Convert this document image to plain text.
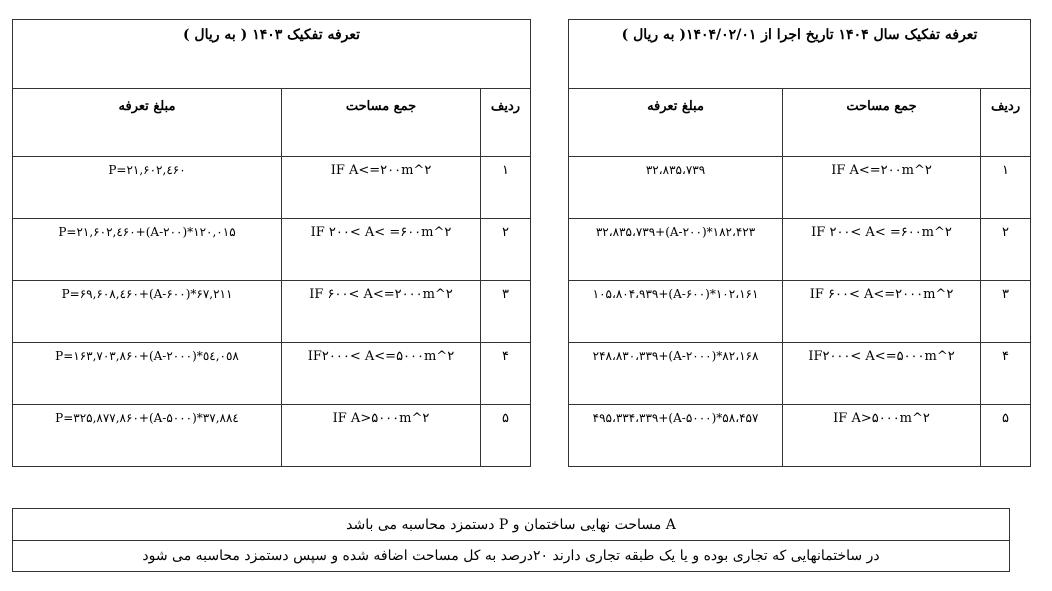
تعرفه تفکیک سال ۱۴۰۴ تاریخ اجرا از ۱۴۰۴/۰۲/۰۱( به ریال )		
ردیف	جمع مساحت	مبلغ تعرفه
۱	IF A<=۲۰۰m^۲	۳۲،۸۳۵،۷۳۹
۲	IF ۲۰۰< A< =۶۰۰m^۲	۳۲،۸۳۵،۷۳۹+(A-۲۰۰)*۱۸۲،۴۲۳
۳	IF ۶۰۰< A<=۲۰۰۰m^۲	۱۰۵،۸۰۴،۹۳۹+(A-۶۰۰)*۱۰۲،۱۶۱
۴	IF۲۰۰۰< A<=۵۰۰۰m^۲	۲۴۸،۸۳۰،۳۳۹+(A-۲۰۰۰)*۸۲،۱۶۸
۵	IF A>۵۰۰۰m^۲	۴۹۵،۳۳۴،۳۳۹+(A-۵۰۰۰)*۵۸،۴۵۷
تعرفه تفکیک ۱۴۰۳ ( به ریال )		
ردیف	جمع مساحت	مبلغ تعرفه
۱	IF A<=۲۰۰m^۲	P=۲۱,۶۰۲,٤۶۰
۲	IF ۲۰۰< A< =۶۰۰m^۲	P=۲۱,۶۰۲,٤۶۰+(A-۲۰۰)*۱۲۰,۰۱۵
۳	IF ۶۰۰< A<=۲۰۰۰m^۲	P=۶۹,۶۰۸,٤۶۰+(A-۶۰۰)*۶۷,۲۱۱
۴	IF۲۰۰۰< A<=۵۰۰۰m^۲	P=۱۶۳,۷۰۳,۸۶۰+(A-۲۰۰۰)*٥٤,۰٥۸
۵	IF A>۵۰۰۰m^۲	P=۳۲۵,۸۷۷,۸۶۰+(A-۵۰۰۰)*۳۷,۸۸٤
A مساحت نهایی ساختمان و P دستمزد محاسبه می باشد
در ساختمانهایی که تجاری بوده و یا یک طبقه تجاری دارند ۲۰درصد به کل مساحت اضافه شده و سپس دستمزد محاسبه می شود
